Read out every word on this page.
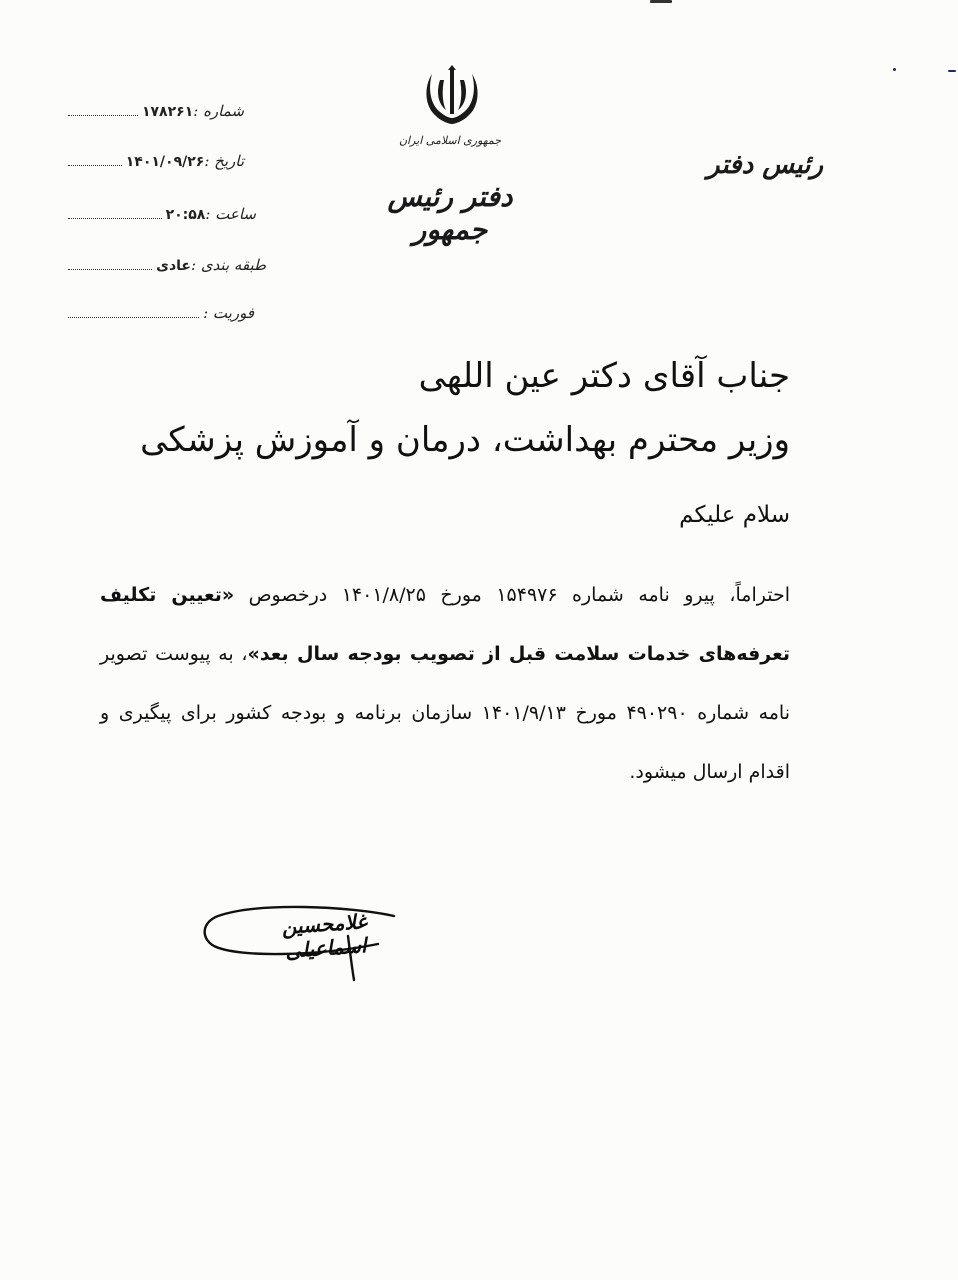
شماره :
۱۷۸۲۶۱
تاریخ :
۱۴۰۱/۰۹/۲۶
ساعت :
۲۰:۵۸
طبقه بندی :
عادی
فوریت :
جمهوری اسلامی ایران
دفتر رئیس جمهور
رئیس دفتر
جناب آقای دکتر عین اللهی
وزیر محترم بهداشت، درمان و آموزش پزشکی
سلام علیکم
احتراماً، پیرو نامه شماره ۱۵۴۹۷۶ مورخ ۱۴۰۱/۸/۲۵ درخصوص «تعیین تکلیف تعرفه‌های خدمات سلامت قبل از تصویب بودجه سال بعد»، به پیوست تصویر نامه شماره ۴۹۰۲۹۰ مورخ ۱۴۰۱/۹/۱۳ سازمان برنامه و بودجه کشور برای پیگیری و اقدام ارسال میشود.
غلامحسین اسماعیلی
